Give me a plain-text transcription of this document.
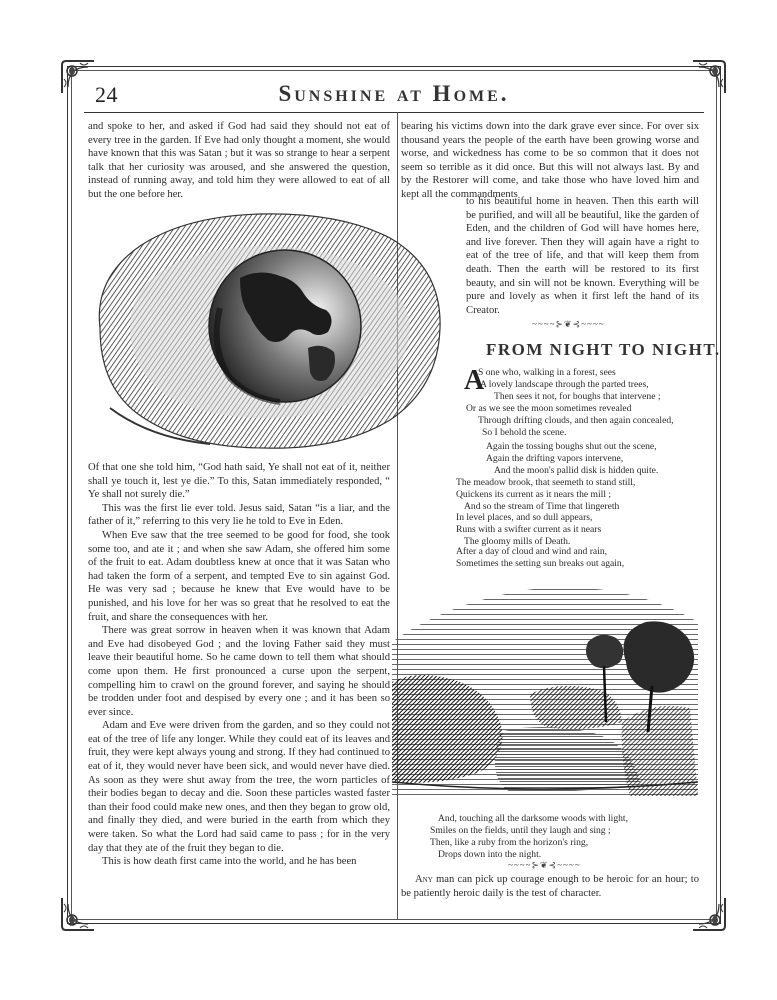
24	Sunshine at Home.

and spoke to her, and asked if God had said they should not eat of every tree in the garden. If Eve had only thought a moment, she would have known that this was Satan ; but it was so strange to hear a serpent talk that her curiosity was aroused, and she answered the question, instead of running away, and told him they were allowed to eat of all but the one before her.

Of that one she told him, “God hath said, Ye shall not eat of it, neither shall ye touch it, lest ye die.” To this, Satan immediately responded, “ Ye shall not surely die.”

This was the first lie ever told. Jesus said, Satan “is a liar, and the father of it,” referring to this very lie he told to Eve in Eden.

When Eve saw that the tree seemed to be good for food, she took some too, and ate it ; and when she saw Adam, she offered him some of the fruit to eat. Adam doubtless knew at once that it was Satan who had taken the form of a serpent, and tempted Eve to sin against God. He was very sad ; because he knew that Eve would have to be punished, and his love for her was so great that he resolved to eat the fruit, and share the consequences with her.

There was great sorrow in heaven when it was known that Adam and Eve had disobeyed God ; and the loving Father said they must leave their beautiful home. So he came down to tell them what should come upon them. He first pronounced a curse upon the serpent, compelling him to crawl on the ground forever, and saying he should be trodden under foot and despised by every one ; and it has been so ever since.

Adam and Eve were driven from the garden, and so they could not eat of the tree of life any longer. While they could eat of its leaves and fruit, they were kept always young and strong. If they had continued to eat of it, they would never have been sick, and would never have died. As soon as they were shut away from the tree, the worn particles of their bodies began to decay and die. Soon these particles wasted faster than their food could make new ones, and then they began to grow old, and finally they died, and were buried in the earth from which they were taken. So what the Lord had said came to pass ; for in the very day that they ate of the fruit they began to die.

This is how death first came into the world, and he has been

bearing his victims down into the dark grave ever since. For over six thousand years the people of the earth have been growing worse and worse, and wickedness has come to be so common that it does not seem so terrible as it did once. But this will not always last. By and by the Restorer will come, and take those who have loved him and kept all the commandments

to his beautiful home in heaven. Then this earth will be purified, and will all be beautiful, like the garden of Eden, and the children of God will have homes here, and live forever. Then they will again have a right to eat of the tree of life, and that will keep them from death. Then the earth will be restored to its first beauty, and sin will not be known. Everything will be pure and lovely as when it first left the hand of its Creator.

~~~~⊱❦⊰~~~~
FROM NIGHT TO NIGHT.
A
S one who, walking in a forest, sees
A lovely landscape through the parted trees,
Then sees it not, for boughs that intervene ;
Or as we see the moon sometimes revealed
Through drifting clouds, and then again concealed,
So I behold the scene.
Again the tossing boughs shut out the scene,
Again the drifting vapors intervene,
And the moon's pallid disk is hidden quite.
The meadow brook, that seemeth to stand still,
Quickens its current as it nears the mill ;
And so the stream of Time that lingereth
In level places, and so dull appears,
Runs with a swifter current as it nears
The gloomy mills of Death.
After a day of cloud and wind and rain,
Sometimes the setting sun breaks out again,
And, touching all the darksome woods with light,
Smiles on the fields, until they laugh and sing ;
Then, like a ruby from the horizon's ring,
Drops down into the night.
~~~~⊱❦⊰~~~~

Any man can pick up courage enough to be heroic for an hour; to be patiently heroic daily is the test of character.
